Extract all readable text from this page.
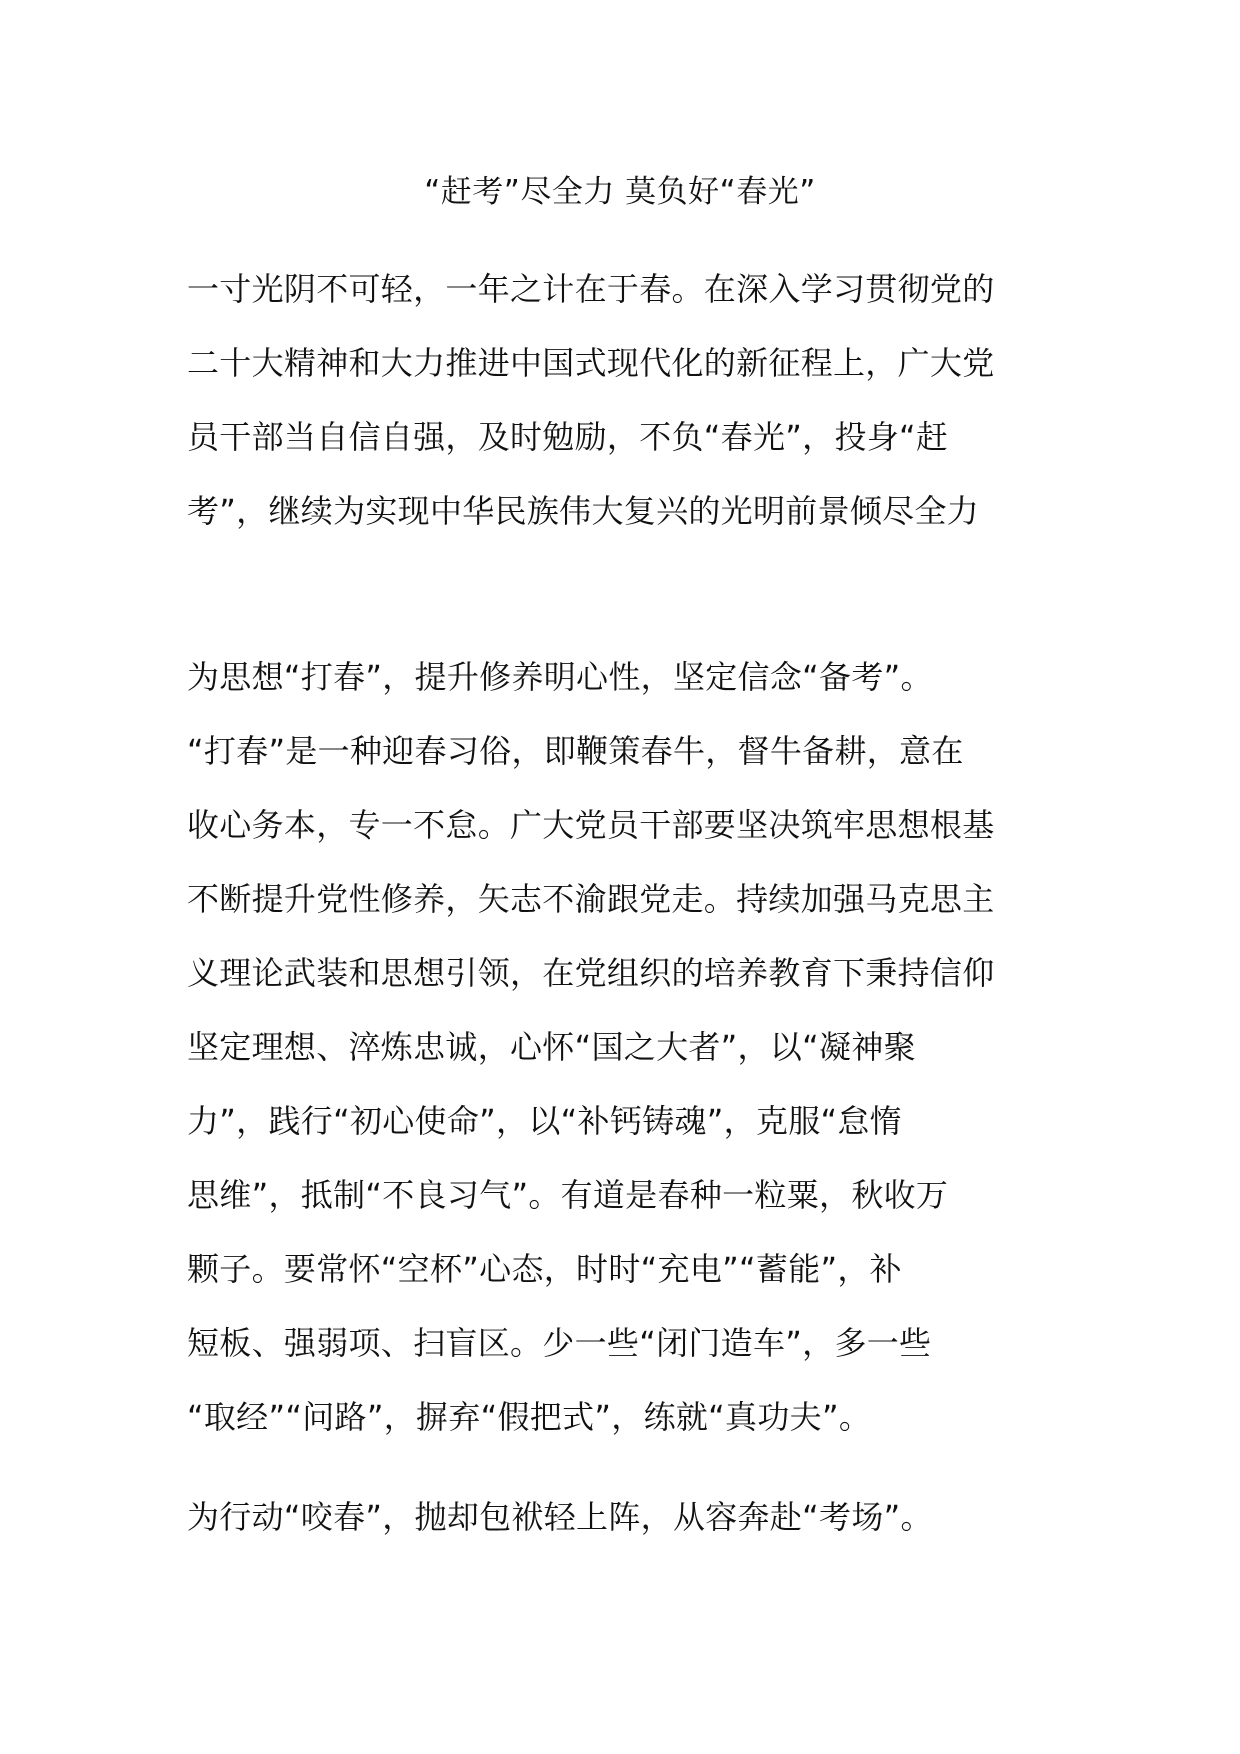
“赶考”尽全力 莫负好“春光”
一寸光阴不可轻，一年之计在于春。在深入学习贯彻党的
二十大精神和大力推进中国式现代化的新征程上，广大党
员干部当自信自强，及时勉励，不负“春光”，投身“赶
考”，继续为实现中华民族伟大复兴的光明前景倾尽全力
为思想“打春”，提升修养明心性，坚定信念“备考”。
“打春”是一种迎春习俗，即鞭策春牛，督牛备耕，意在
收心务本，专一不怠。广大党员干部要坚决筑牢思想根基
不断提升党性修养，矢志不渝跟党走。持续加强马克思主
义理论武装和思想引领，在党组织的培养教育下秉持信仰
坚定理想、淬炼忠诚，心怀“国之大者”，以“凝神聚
力”，践行“初心使命”，以“补钙铸魂”，克服“怠惰
思维”，抵制“不良习气”。有道是春种一粒粟，秋收万
颗子。要常怀“空杯”心态，时时“充电”“蓄能”，补
短板、强弱项、扫盲区。少一些“闭门造车”，多一些
“取经”“问路”，摒弃“假把式”，练就“真功夫”。
为行动“咬春”，抛却包袱轻上阵，从容奔赴“考场”。
